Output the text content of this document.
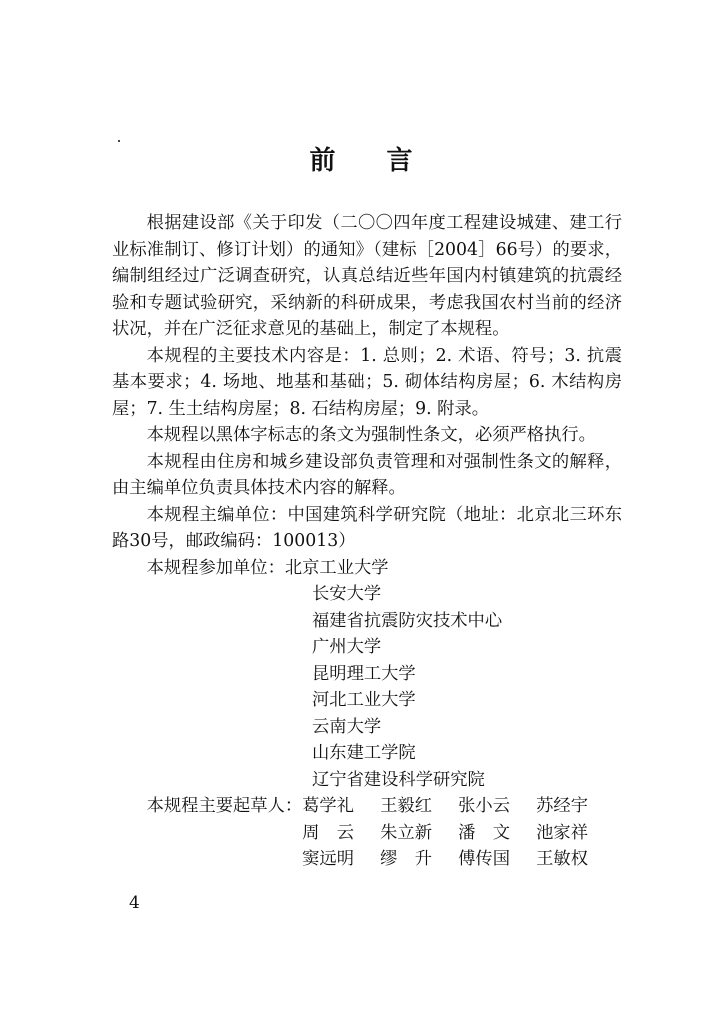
前 言

根据建设部《关于印发（二〇〇四年度工程建设城建、建工行业标准制订、修订计划）的通知》（建标［2004］66号）的要求，编制组经过广泛调查研究，认真总结近些年国内村镇建筑的抗震经验和专题试验研究，采纳新的科研成果，考虑我国农村当前的经济状况，并在广泛征求意见的基础上，制定了本规程。

本规程的主要技术内容是：1. 总则；2. 术语、符号；3. 抗震基本要求；4. 场地、地基和基础；5. 砌体结构房屋；6. 木结构房屋；7. 生土结构房屋；8. 石结构房屋；9. 附录。

本规程以黑体字标志的条文为强制性条文，必须严格执行。

本规程由住房和城乡建设部负责管理和对强制性条文的解释，由主编单位负责具体技术内容的解释。

本规程主编单位：中国建筑科学研究院（地址：北京北三环东路30号，邮政编码：100013）

本规程参加单位： 北京工业大学
长安大学
福建省抗震防灾技术中心
广州大学
昆明理工大学
河北工业大学
云南大学
山东建工学院
辽宁省建设科学研究院
本规程主要起草人： 葛学礼	王毅红	张小云	苏经宇
周　云	朱立新	潘　文	池家祥
窦远明	缪　升	傅传国	王敏权
4
